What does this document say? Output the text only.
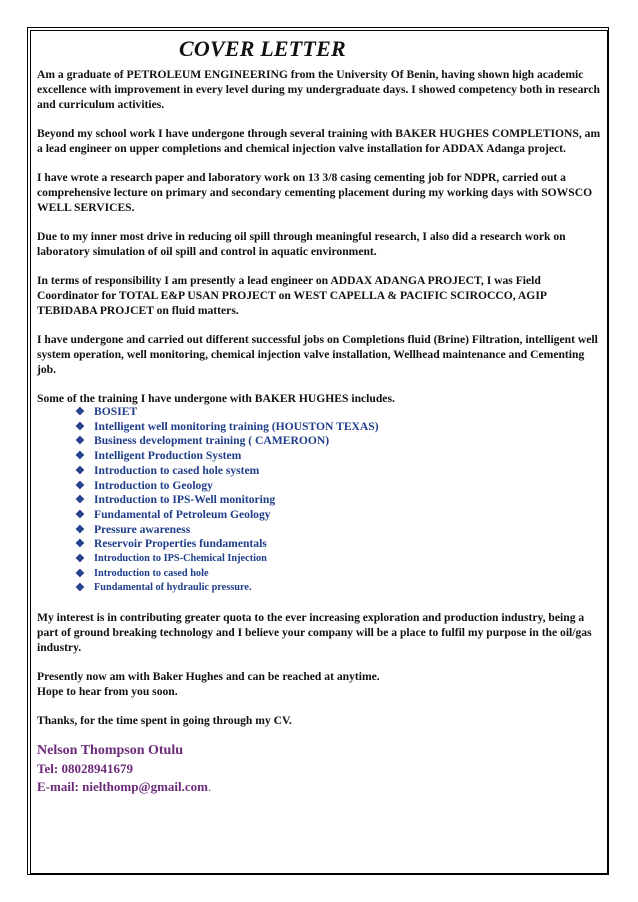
COVER LETTER

Am a graduate of PETROLEUM ENGINEERING from the University Of Benin, having shown high academic excellence with improvement in every level during my undergraduate days. I showed competency both in research and curriculum activities.

Beyond my school work I have undergone through several training with BAKER HUGHES COMPLETIONS, am a lead engineer on upper completions and chemical injection valve installation for ADDAX Adanga project.

I have wrote a research paper and laboratory work on 13 3/8 casing cementing job for NDPR, carried out a comprehensive lecture on primary and secondary cementing placement during my working days with SOWSCO WELL SERVICES.

Due to my inner most drive in reducing oil spill through meaningful research, I also did a research work on laboratory simulation of oil spill and control in aquatic environment.

In terms of responsibility I am presently a lead engineer on ADDAX ADANGA PROJECT, I was Field Coordinator for TOTAL E&P USAN PROJECT on WEST CAPELLA & PACIFIC SCIROCCO, AGIP TEBIDABA PROJCET on fluid matters.

I have undergone and carried out different successful jobs on Completions fluid (Brine) Filtration, intelligent well system operation, well monitoring, chemical injection valve installation, Wellhead maintenance and Cementing job.

Some of the training I have undergone with BAKER HUGHES includes.

❖ BOSIET
❖ Intelligent well monitoring training (HOUSTON TEXAS)
❖ Business development training ( CAMEROON)
❖ Intelligent Production System
❖ Introduction to cased hole system
❖ Introduction to Geology
❖ Introduction to IPS-Well monitoring
❖ Fundamental of Petroleum Geology
❖ Pressure awareness
❖ Reservoir Properties fundamentals
❖ Introduction to IPS-Chemical Injection
❖ Introduction to cased hole
❖ Fundamental of hydraulic pressure.

My interest is in contributing greater quota to the ever increasing exploration and production industry, being a part of ground breaking technology and I believe your company will be a place to fulfil my purpose in the oil/gas industry.

Presently now am with Baker Hughes and can be reached at anytime.
Hope to hear from you soon.

Thanks, for the time spent in going through my CV.

Nelson Thompson Otulu
Tel: 08028941679
E-mail: nielthomp@gmail.com.
